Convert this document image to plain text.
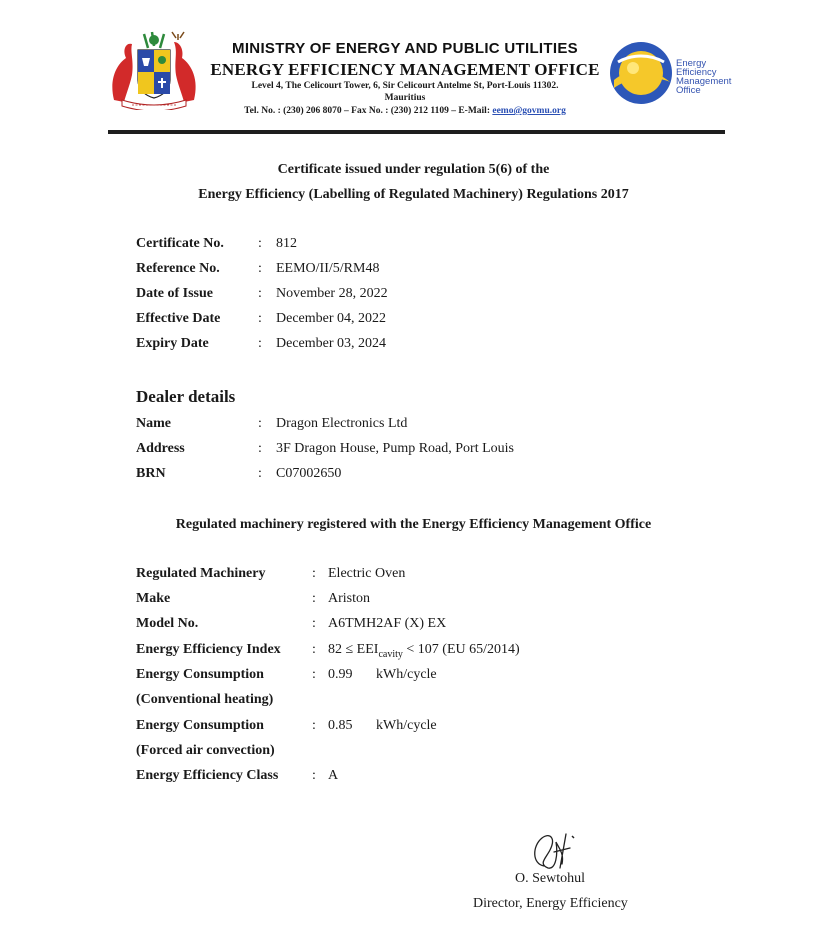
MINISTRY OF ENERGY AND PUBLIC UTILITIES
ENERGY EFFICIENCY MANAGEMENT OFFICE
Level 4, The Celicourt Tower, 6, Sir Celicourt Antelme St, Port-Louis 11302.
Mauritius
Tel. No. : (230) 206 8070 – Fax No. : (230) 212 1109 – E-Mail: eemo@govmu.org
Energy
Efficiency
Management
Office
Certificate issued under regulation 5(6) of the
Energy Efficiency (Labelling of Regulated Machinery) Regulations 2017
Certificate No. : 812
Reference No.	: EEMO/II/5/RM48
Date of Issue	: November 28, 2022
Effective Date	: December 04, 2022
Expiry Date	: December 03, 2024
Dealer details
Name	: Dragon Electronics Ltd
Address	: 3F Dragon House, Pump Road, Port Louis
BRN	: C07002650
Regulated machinery registered with the Energy Efficiency Management Office
Regulated Machinery	: Electric Oven
Make	: Ariston
Model No.	: A6TMH2AF (X) EX
Energy Efficiency Index : $82 \le EEI_{cavity} < 107$ (EU 65/2014)
Energy Consumption	: 0.99 kWh/cycle
(Conventional heating)
Energy Consumption	: 0.85 kWh/cycle
(Forced air convection)
Energy Efficiency Class : A
O. Sewtohul
Director, Energy Efficiency
